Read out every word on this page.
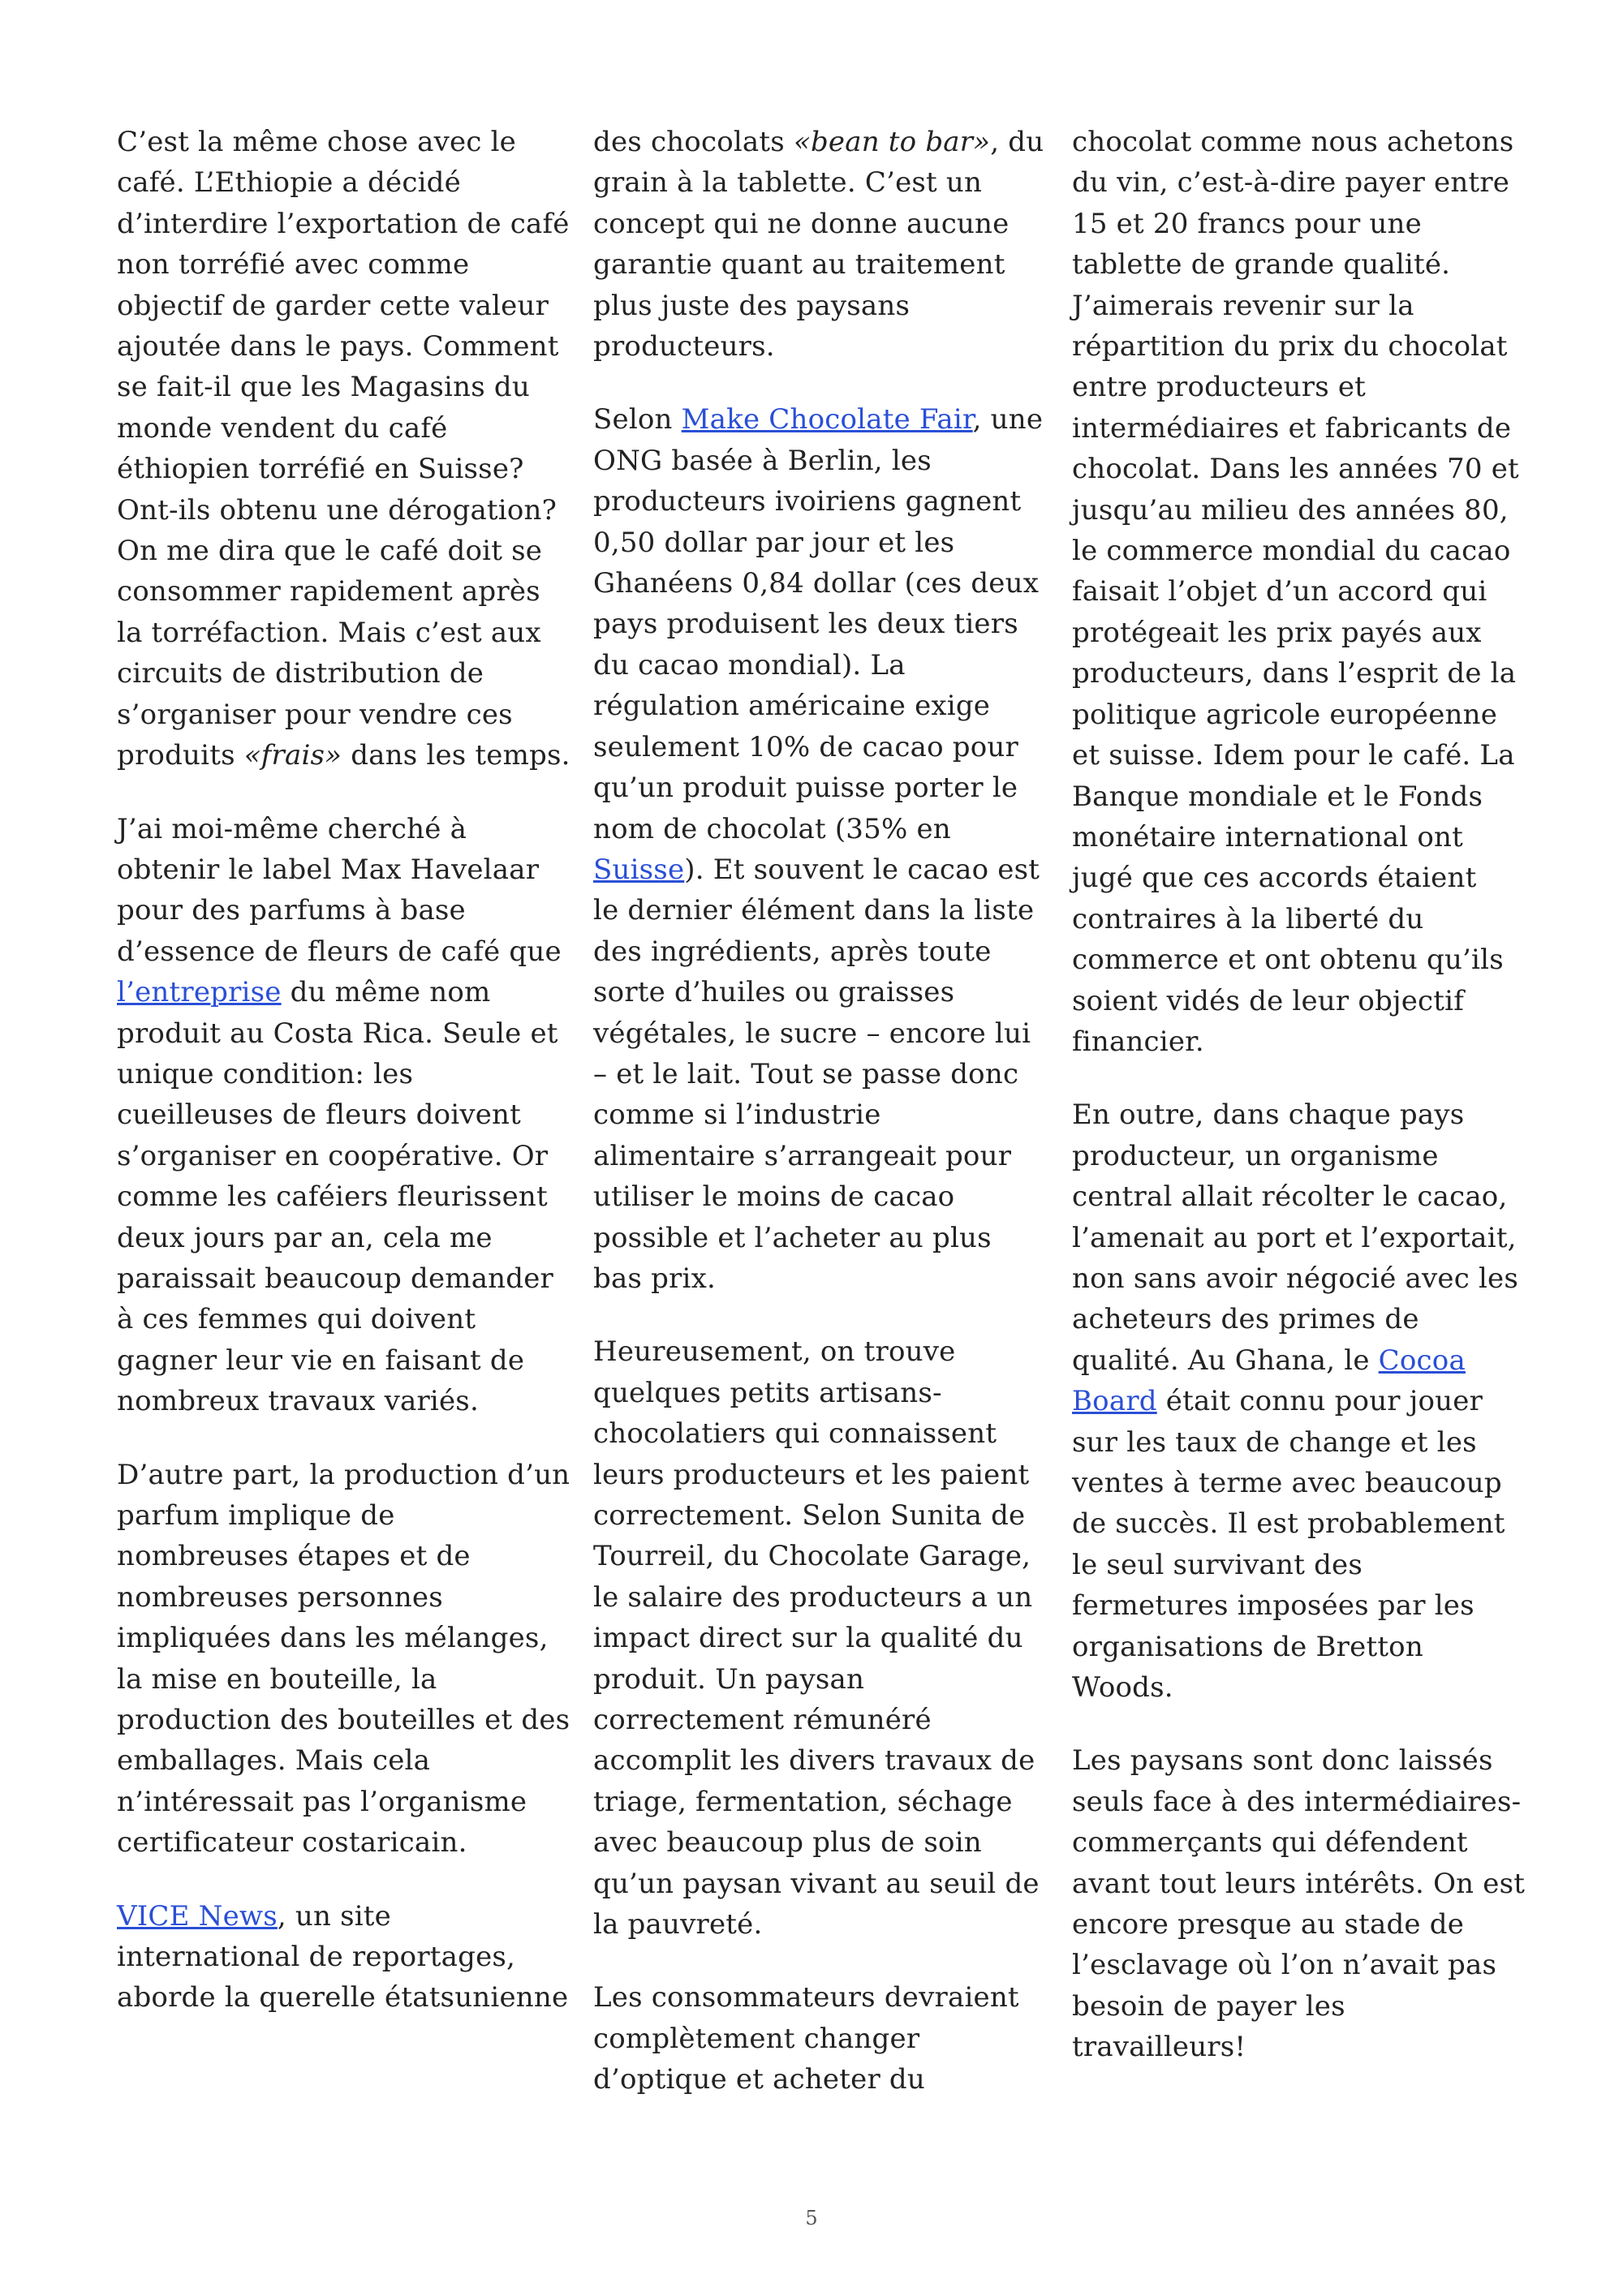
C’est la même chose avec le café. L’Ethiopie a décidé d’interdire l’exportation de café non torréfié avec comme objectif de garder cette valeur ajoutée dans le pays. Comment se fait-il que les Magasins du monde vendent du café éthiopien torréfié en Suisse? Ont-ils obtenu une dérogation? On me dira que le café doit se consommer rapidement après la torréfaction. Mais c’est aux circuits de distribution de s’organiser pour vendre ces produits «frais» dans les temps.

J’ai moi-même cherché à obtenir le label Max Havelaar pour des parfums à base d’essence de fleurs de café que l’entreprise du même nom produit au Costa Rica. Seule et unique condition: les cueilleuses de fleurs doivent s’organiser en coopérative. Or comme les caféiers fleurissent deux jours par an, cela me paraissait beaucoup demander à ces femmes qui doivent gagner leur vie en faisant de nombreux travaux variés.

D’autre part, la production d’un parfum implique de nombreuses étapes et de nombreuses personnes impliquées dans les mélanges, la mise en bouteille, la production des bouteilles et des emballages. Mais cela n’intéressait pas l’organisme certificateur costaricain.

VICE News, un site international de reportages, aborde la querelle étatsunienne

des chocolats «bean to bar», du grain à la tablette. C’est un concept qui ne donne aucune garantie quant au traitement plus juste des paysans producteurs.

Selon Make Chocolate Fair, une ONG basée à Berlin, les producteurs ivoiriens gagnent 0,50 dollar par jour et les Ghanéens 0,84 dollar (ces deux pays produisent les deux tiers du cacao mondial). La régulation américaine exige seulement 10% de cacao pour qu’un produit puisse porter le nom de chocolat (35% en Suisse). Et souvent le cacao est le dernier élément dans la liste des ingrédients, après toute sorte d’huiles ou graisses végétales, le sucre – encore lui – et le lait. Tout se passe donc comme si l’industrie alimentaire s’arrangeait pour utiliser le moins de cacao possible et l’acheter au plus bas prix.

Heureusement, on trouve quelques petits artisans-chocolatiers qui connaissent leurs producteurs et les paient correctement. Selon Sunita de Tourreil, du Chocolate Garage, le salaire des producteurs a un impact direct sur la qualité du produit. Un paysan correctement rémunéré accomplit les divers travaux de triage, fermentation, séchage avec beaucoup plus de soin qu’un paysan vivant au seuil de la pauvreté.

Les consommateurs devraient complètement changer d’optique et acheter du

chocolat comme nous achetons du vin, c’est-à-dire payer entre 15 et 20 francs pour une tablette de grande qualité. J’aimerais revenir sur la répartition du prix du chocolat entre producteurs et intermédiaires et fabricants de chocolat. Dans les années 70 et jusqu’au milieu des années 80, le commerce mondial du cacao faisait l’objet d’un accord qui protégeait les prix payés aux producteurs, dans l’esprit de la politique agricole européenne et suisse. Idem pour le café. La Banque mondiale et le Fonds monétaire international ont jugé que ces accords étaient contraires à la liberté du commerce et ont obtenu qu’ils soient vidés de leur objectif financier.

En outre, dans chaque pays producteur, un organisme central allait récolter le cacao, l’amenait au port et l’exportait, non sans avoir négocié avec les acheteurs des primes de qualité. Au Ghana, le Cocoa Board était connu pour jouer sur les taux de change et les ventes à terme avec beaucoup de succès. Il est probablement le seul survivant des fermetures imposées par les organisations de Bretton Woods.

Les paysans sont donc laissés seuls face à des intermédiaires-commerçants qui défendent avant tout leurs intérêts. On est encore presque au stade de l’esclavage où l’on n’avait pas besoin de payer les travailleurs!

5
